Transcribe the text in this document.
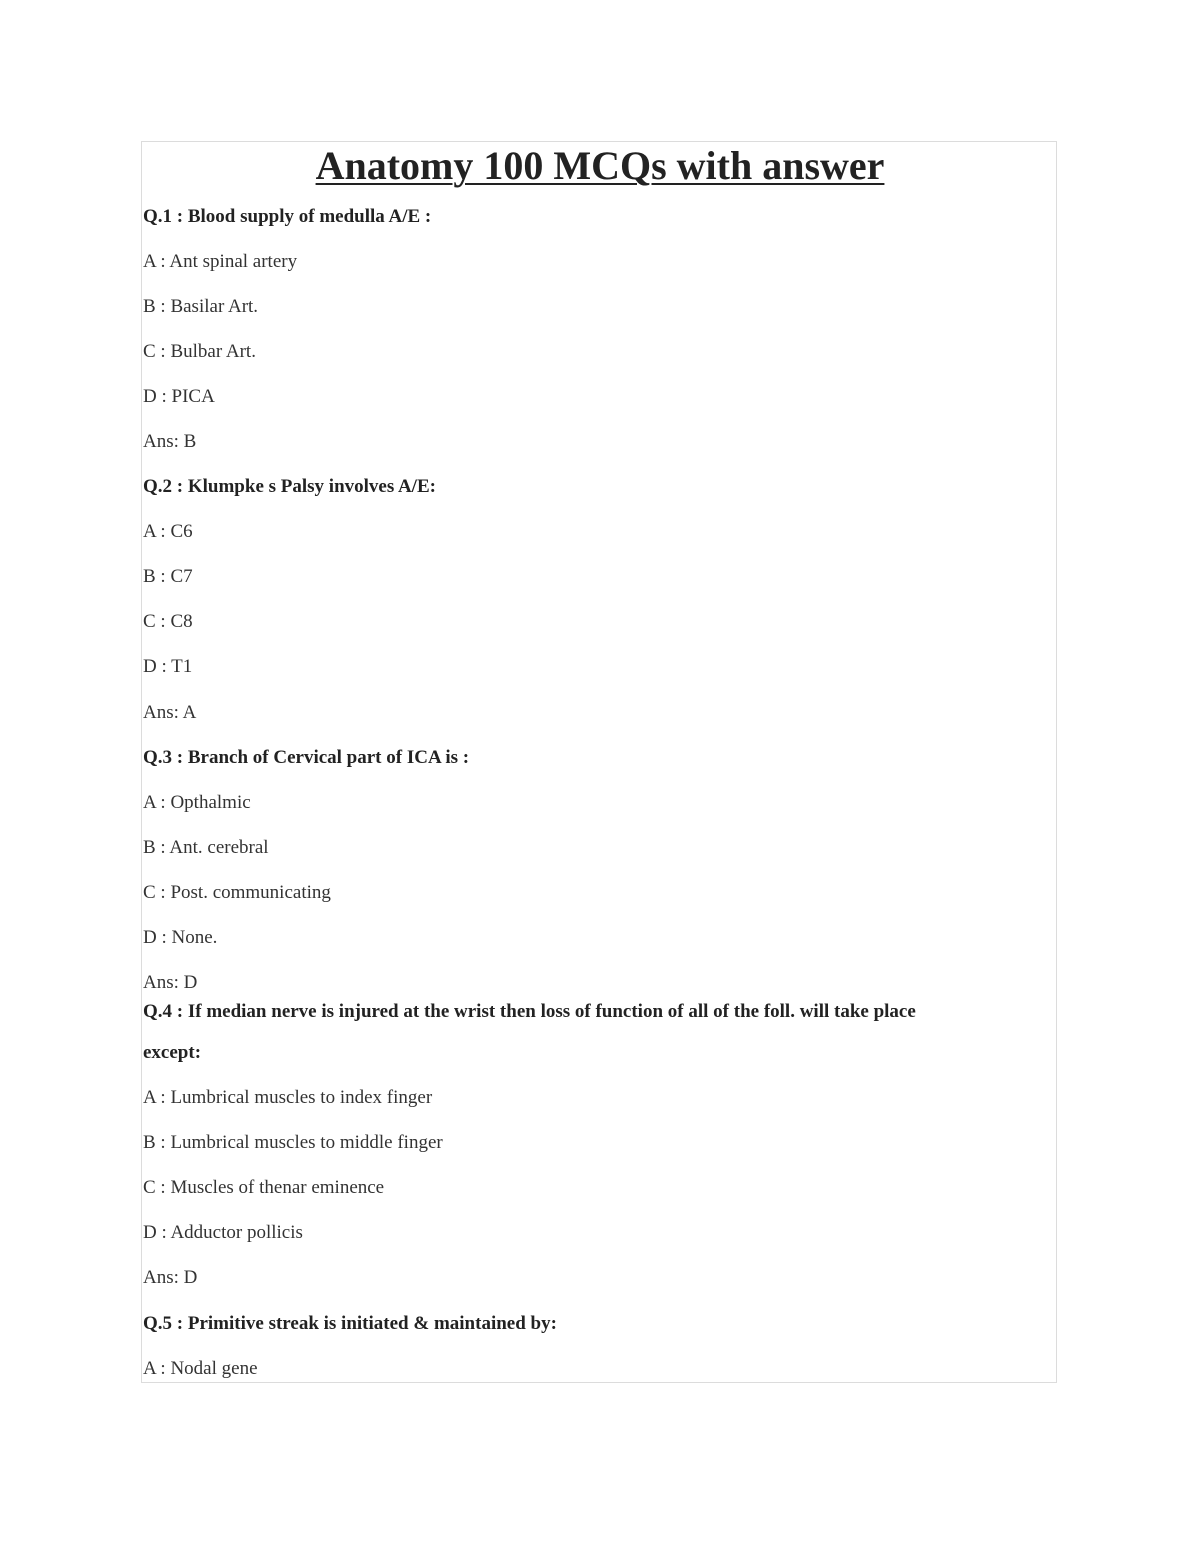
Anatomy 100 MCQs with answer
Q.1 : Blood supply of medulla A/E :
A : Ant spinal artery
B : Basilar Art.
C : Bulbar Art.
D : PICA
Ans: B
Q.2 : Klumpke s Palsy involves A/E:
A : C6
B : C7
C : C8
D : T1
Ans: A
Q.3 : Branch of Cervical part of ICA is :
A : Opthalmic
B : Ant. cerebral
C : Post. communicating
D : None.
Ans: D
Q.4 : If median nerve is injured at the wrist then loss of function of all of the foll. will take place
except:
A : Lumbrical muscles to index finger
B : Lumbrical muscles to middle finger
C : Muscles of thenar eminence
D : Adductor pollicis
Ans: D
Q.5 : Primitive streak is initiated & maintained by:
A : Nodal gene
